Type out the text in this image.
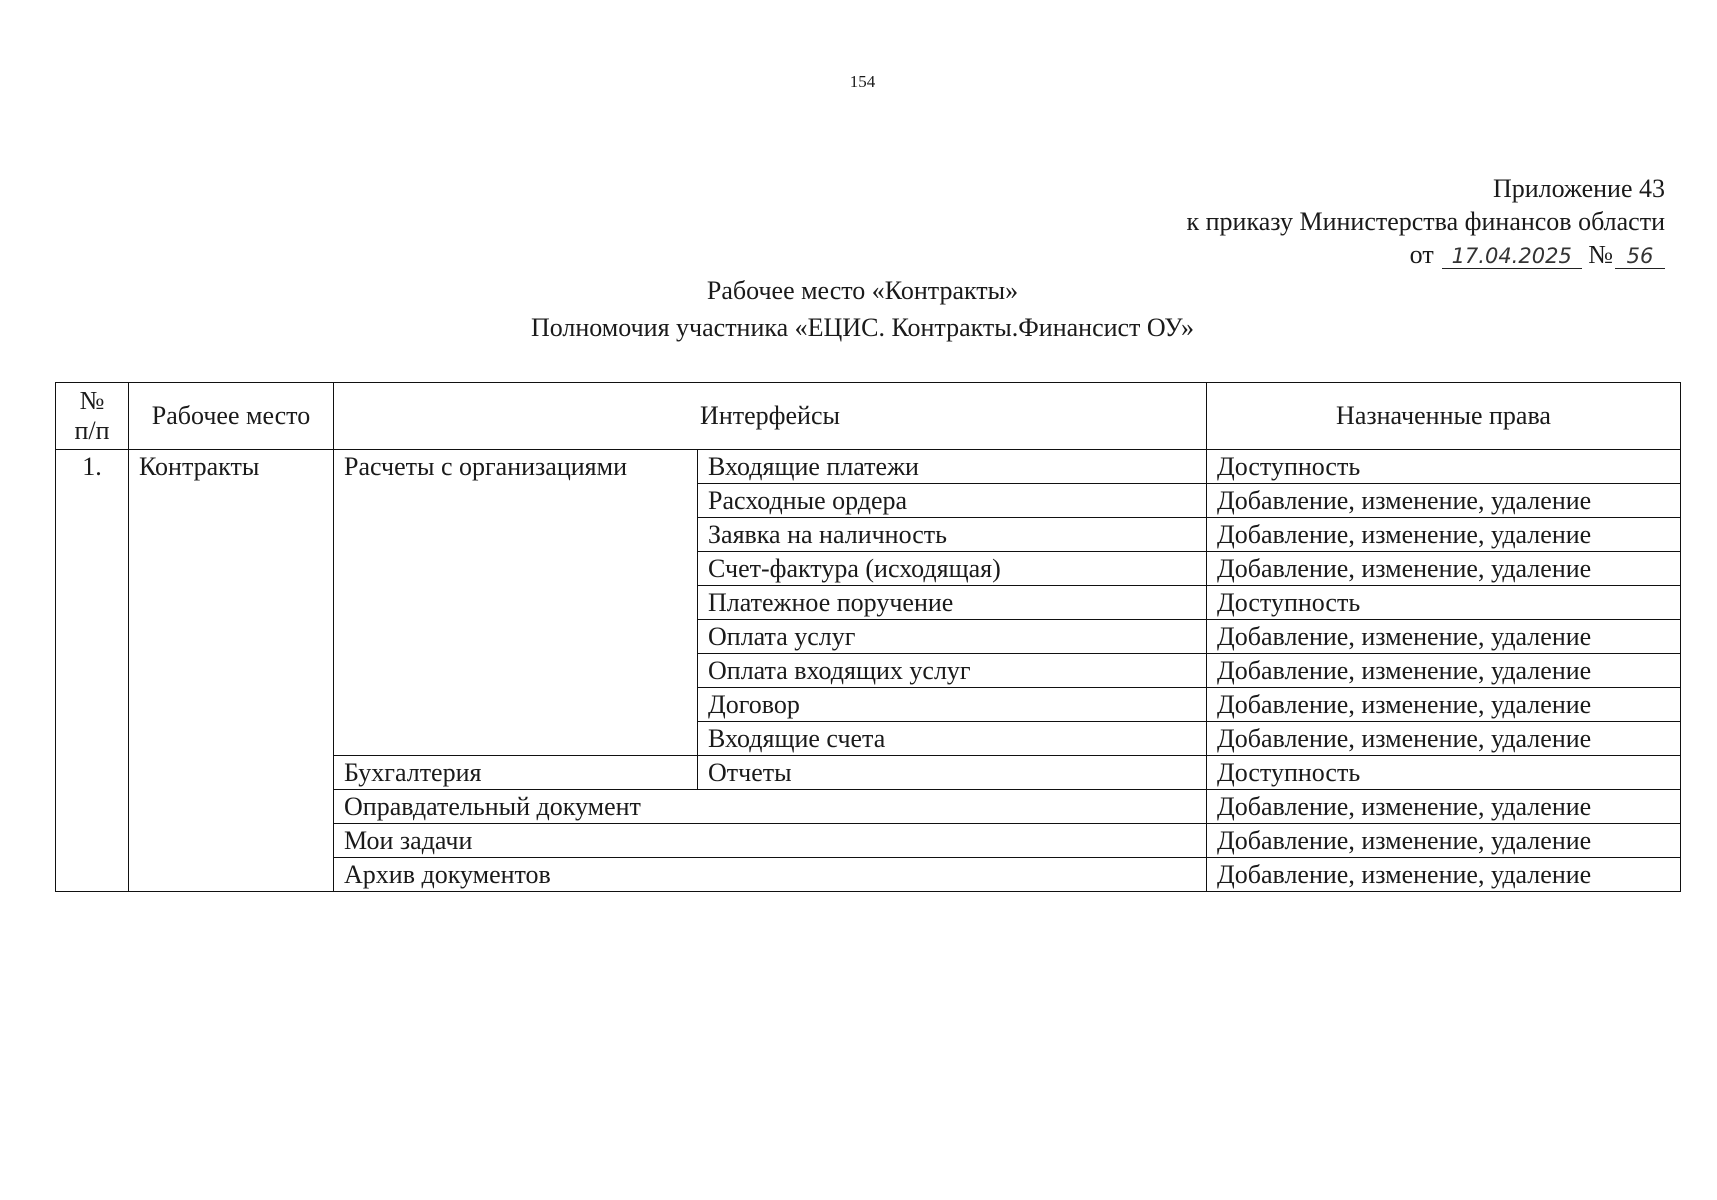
154
Приложение 43
к приказу Министерства финансов области
от 17.04.2025 № 56
Рабочее место «Контракты»
Полномочия участника «ЕЦИС. Контракты.Финансист ОУ»
№ п/п	Рабочее место	Интерфейсы		Назначенные права
1.	Контракты	Расчеты с организациями	Входящие платежи	Доступность
			Расходные ордера	Добавление, изменение, удаление
			Заявка на наличность	Добавление, изменение, удаление
			Счет-фактура (исходящая)	Добавление, изменение, удаление
			Платежное поручение	Доступность
			Оплата услуг	Добавление, изменение, удаление
			Оплата входящих услуг	Добавление, изменение, удаление
			Договор	Добавление, изменение, удаление
			Входящие счета	Добавление, изменение, удаление
		Бухгалтерия	Отчеты	Доступность
		Оправдательный документ		Добавление, изменение, удаление
		Мои задачи		Добавление, изменение, удаление
		Архив документов		Добавление, изменение, удаление
